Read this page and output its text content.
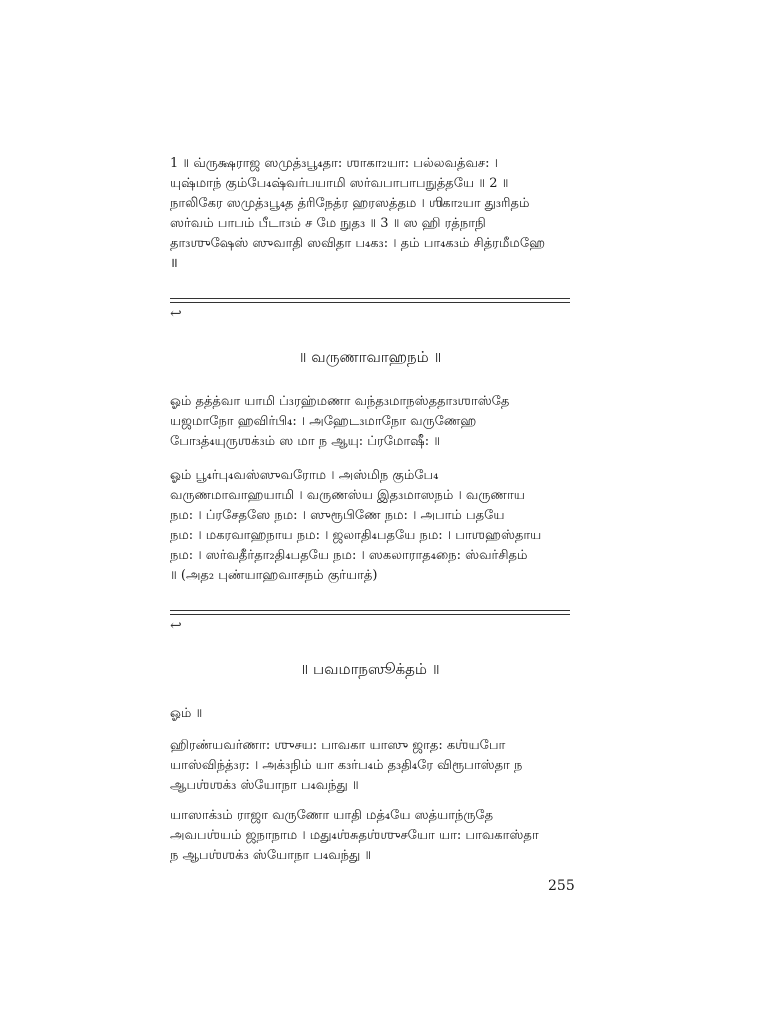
1 ॥ வ்ருக்ஷராஜ ஸமுத்₃பூ₄தா: ஶாகா₂யா: பல்லவத்வச: ।
யுஷ்மாந் கும்பே₄ஷ்வர்பயாமி ஸர்வபாபாபநுத்தயே ॥ 2 ॥
நாலிகேர ஸமுத்₃பூ₄த த்ரிநேத்ர ஹரஸத்தம । ஶிகா₂யா து₃ரிதம்
ஸர்வம் பாபம் பீடா₃ம் ச மே நுத₃ ॥ 3 ॥ ஸ ஹி ரத்நாநி
தா₃ஶுஷேஸ் ஸுவாதி ஸவிதா ப₄க₃: । தம் பா₄க₃ம் சித்ரமீமஹே
॥
↩
॥ வருணாவாஹநம் ॥
ஓம் தத்த்வா யாமி ப்₃ரஹ்மணா வந்த₃மாநஸ்ததா₃ஶாஸ்தே
யஜமாநோ ஹவிர்பி₄: । அஹேட₃மாநோ வருணேஹ
போ₃த்₄யுருஶக்₃ம் ஸ மா ந ஆயு: ப்ரமோஷீ: ॥
ஓம் பூ₄ர்பு₄வஸ்ஸுவரோம । அஸ்மிந கும்பே₄
வருணமாவாஹயாமி । வருணஸ்ய இத₃மாஸநம் । வருணாய
நம: । ப்ரசேதஸே நம: । ஸுரூபிணே நம: । அபாம் பதயே
நம: । மகரவாஹநாய நம: । ஜலாதி₄பதயே நம: । பாஶஹஸ்தாய
நம: । ஸர்வதீர்தா₂தி₄பதயே நம: । ஸகலாராத₄நை: ஸ்வர்சிதம்
॥ (அத₂ புண்யாஹவாசநம் குர்யாத்)
↩
॥ பவமாநஸூக்தம் ॥
ஓம் ॥
ஹிரண்யவர்ணா: ஶுசய: பாவகா யாஸு ஜாத: கஶ்யபோ
யாஸ்விந்த்₃ர: । அக்₃நிம் யா க₃ர்ப₄ம் த₃தி₄ரே விரூபாஸ்தா ந
ஆபஶ்ஶக்₃ ஸ்யோநா ப₄வந்து ॥
யாஸாக்₃ம் ராஜா வருணோ யாதி மத்₄யே ஸத்யாந்ருதே
அவபஶ்யம் ஜநாநாம । மது₄ஶ்சுதஶ்ஶுசயோ யா: பாவகாஸ்தா
ந ஆபஶ்ஶக்₃ ஸ்யோநா ப₄வந்து ॥
255
